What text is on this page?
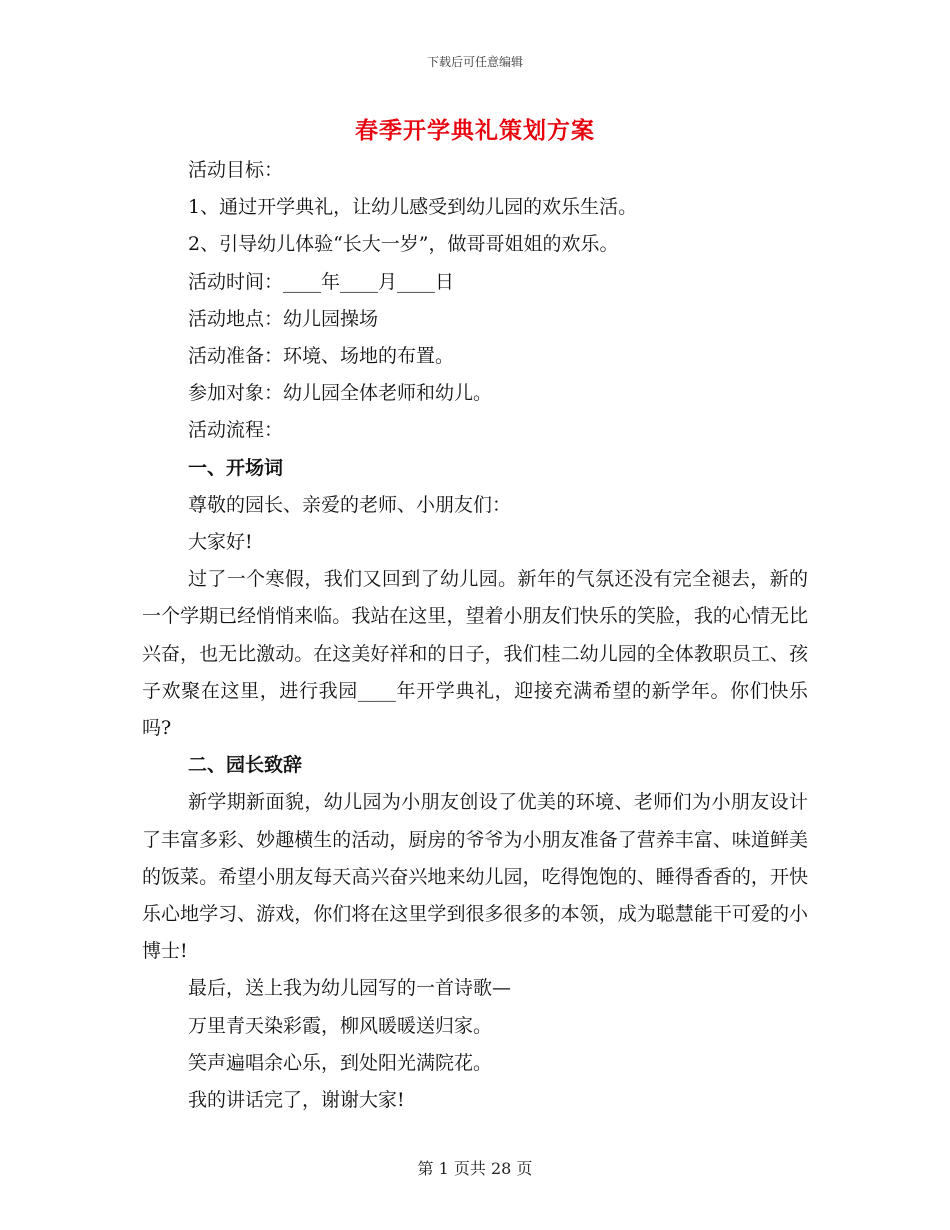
下载后可任意编辑
春季开学典礼策划方案

活动目标：

1、通过开学典礼，让幼儿感受到幼儿园的欢乐生活。

2、引导幼儿体验“长大一岁”，做哥哥姐姐的欢乐。

活动时间：____年____月____日

活动地点：幼儿园操场

活动准备：环境、场地的布置。

参加对象：幼儿园全体老师和幼儿。

活动流程：

一、开场词

尊敬的园长、亲爱的老师、小朋友们：

大家好!

过了一个寒假，我们又回到了幼儿园。新年的气氛还没有完全褪去，新的一个学期已经悄悄来临。我站在这里，望着小朋友们快乐的笑脸，我的心情无比兴奋，也无比激动。在这美好祥和的日子，我们桂二幼儿园的全体教职员工、孩子欢聚在这里，进行我园____年开学典礼，迎接充满希望的新学年。你们快乐吗?

二、园长致辞

新学期新面貌，幼儿园为小朋友创设了优美的环境、老师们为小朋友设计了丰富多彩、妙趣横生的活动，厨房的爷爷为小朋友准备了营养丰富、味道鲜美的饭菜。希望小朋友每天高兴奋兴地来幼儿园，吃得饱饱的、睡得香香的，开快乐心地学习、游戏，你们将在这里学到很多很多的本领，成为聪慧能干可爱的小博士!

最后，送上我为幼儿园写的一首诗歌—

万里青天染彩霞，柳风暖暖送归家。

笑声遍唱余心乐，到处阳光满院花。

我的讲话完了，谢谢大家!

第 1 页共 28 页
